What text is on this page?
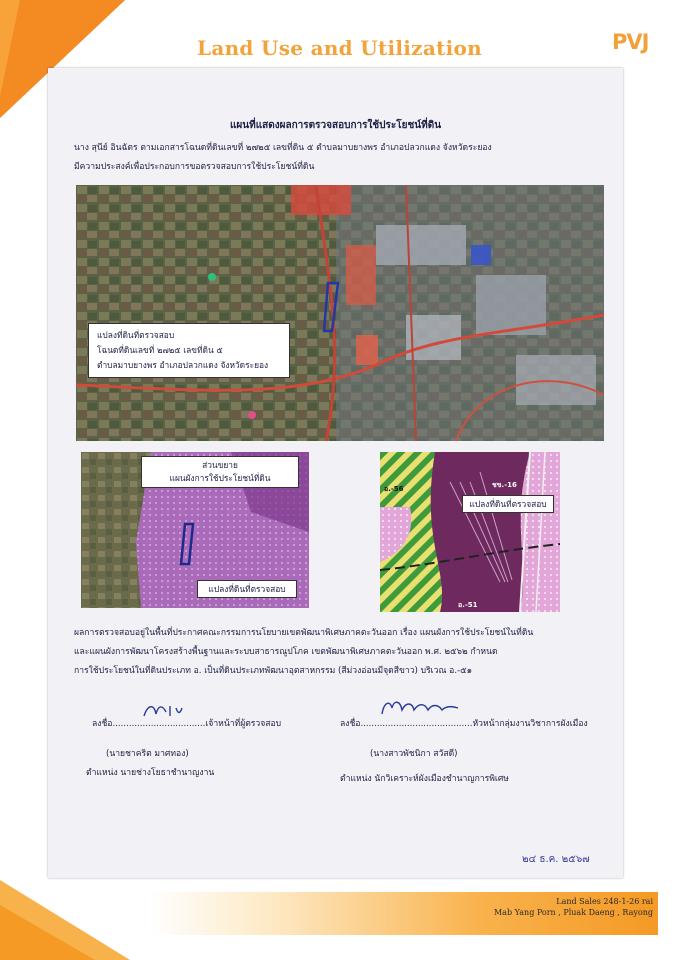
Land Use and Utilization	PVJ
แผนที่แสดงผลการตรวจสอบการใช้ประโยชน์ที่ดิน
นาง สุนีย์ อินฉัตร ตามเอกสารโฉนดที่ดินเลขที่ ๒๗๒๕ เลขที่ดิน ๕ ตำบลมาบยางพร อำเภอปลวกแดง จังหวัดระยอง
มีความประสงค์เพื่อประกอบการขอตรวจสอบการใช้ประโยชน์ที่ดิน
แปลงที่ดินที่ตรวจสอบ
โฉนดที่ดินเลขที่ ๒๗๒๕ เลขที่ดิน ๕
ตำบลมาบยางพร อำเภอปลวกแดง จังหวัดระยอง
ส่วนขยาย
แผนผังการใช้ประโยชน์ที่ดิน
แปลงที่ดินที่ตรวจสอบ
แปลงที่ดินที่ตรวจสอบ
อ.-56	ชข.-16
อ.-51
ผลการตรวจสอบอยู่ในพื้นที่ประกาศคณะกรรมการนโยบายเขตพัฒนาพิเศษภาคตะวันออก เรื่อง แผนผังการใช้ประโยชน์ในที่ดิน
และแผนผังการพัฒนาโครงสร้างพื้นฐานและระบบสาธารณูปโภค เขตพัฒนาพิเศษภาคตะวันออก พ.ศ. ๒๕๖๒ กำหนด
การใช้ประโยชน์ในที่ดินประเภท อ. เป็นที่ดินประเภทพัฒนาอุตสาหกรรม (สีม่วงอ่อนมีจุดสีขาว) บริเวณ อ.-๕๑
ลงชื่อ..................................เจ้าหน้าที่ผู้ตรวจสอบ
(นายชาคริต มาศทอง)
ตำแหน่ง นายช่างโยธาชำนาญงาน
ลงชื่อ.........................................หัวหน้ากลุ่มงานวิชาการผังเมือง
(นางสาวพัชนิกา สวัสดี)
ตำแหน่ง นักวิเคราะห์ผังเมืองชำนาญการพิเศษ
๒๔ ธ.ค. ๒๕๖๗
Land Sales 248-1-26 rai
Mab Yang Porn , Pluak Daeng , Rayong
